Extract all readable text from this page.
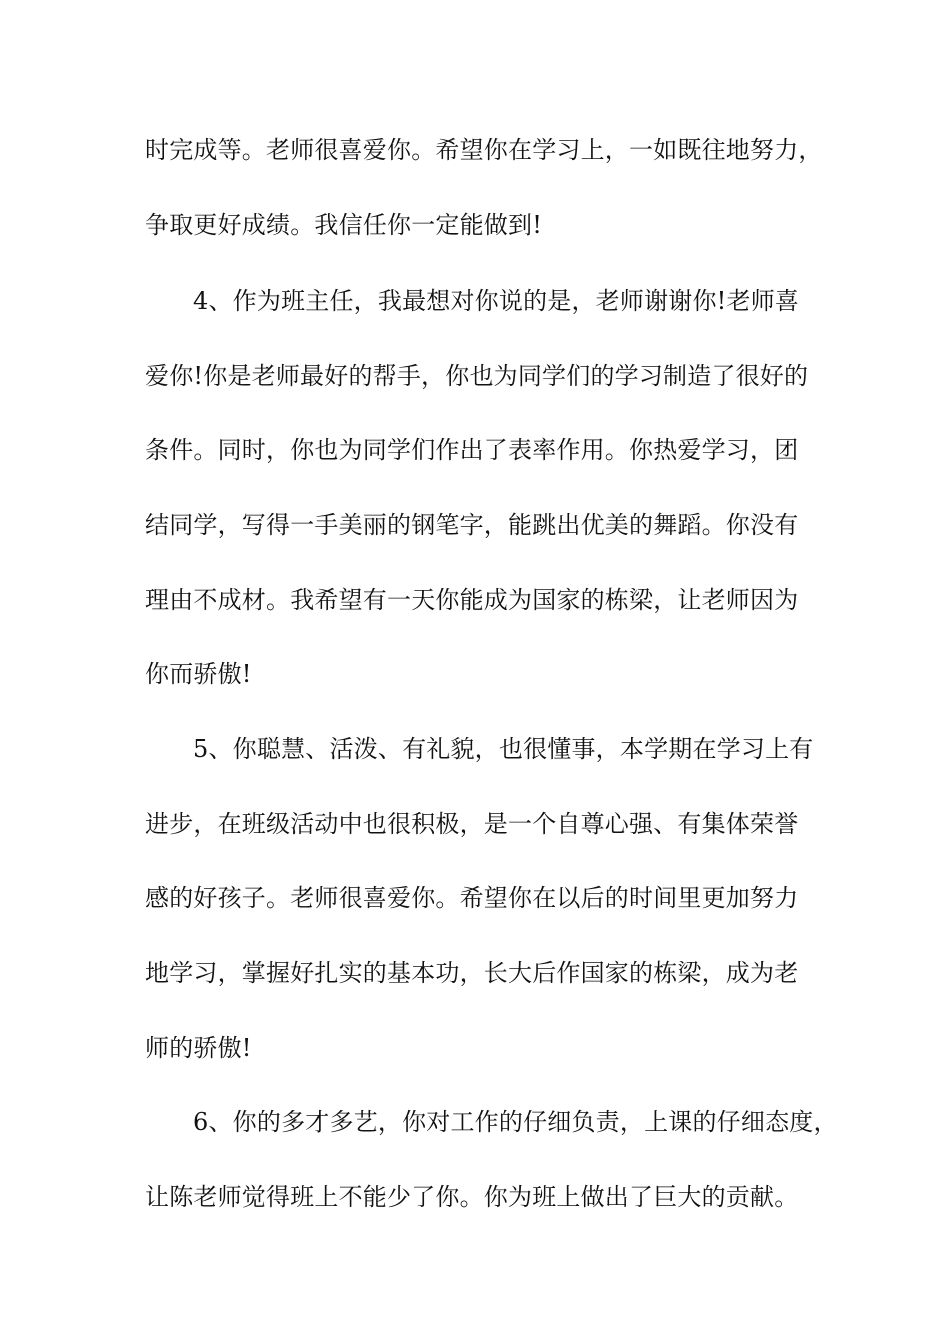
时完成等。老师很喜爱你。希望你在学习上，一如既往地努力，
争取更好成绩。我信任你一定能做到!
4、作为班主任，我最想对你说的是，老师谢谢你!老师喜
爱你!你是老师最好的帮手，你也为同学们的学习制造了很好的
条件。同时，你也为同学们作出了表率作用。你热爱学习，团
结同学，写得一手美丽的钢笔字，能跳出优美的舞蹈。你没有
理由不成材。我希望有一天你能成为国家的栋梁，让老师因为
你而骄傲!
5、你聪慧、活泼、有礼貌，也很懂事，本学期在学习上有
进步，在班级活动中也很积极，是一个自尊心强、有集体荣誉
感的好孩子。老师很喜爱你。希望你在以后的时间里更加努力
地学习，掌握好扎实的基本功，长大后作国家的栋梁，成为老
师的骄傲!
6、你的多才多艺，你对工作的仔细负责，上课的仔细态度，
让陈老师觉得班上不能少了你。你为班上做出了巨大的贡献。
